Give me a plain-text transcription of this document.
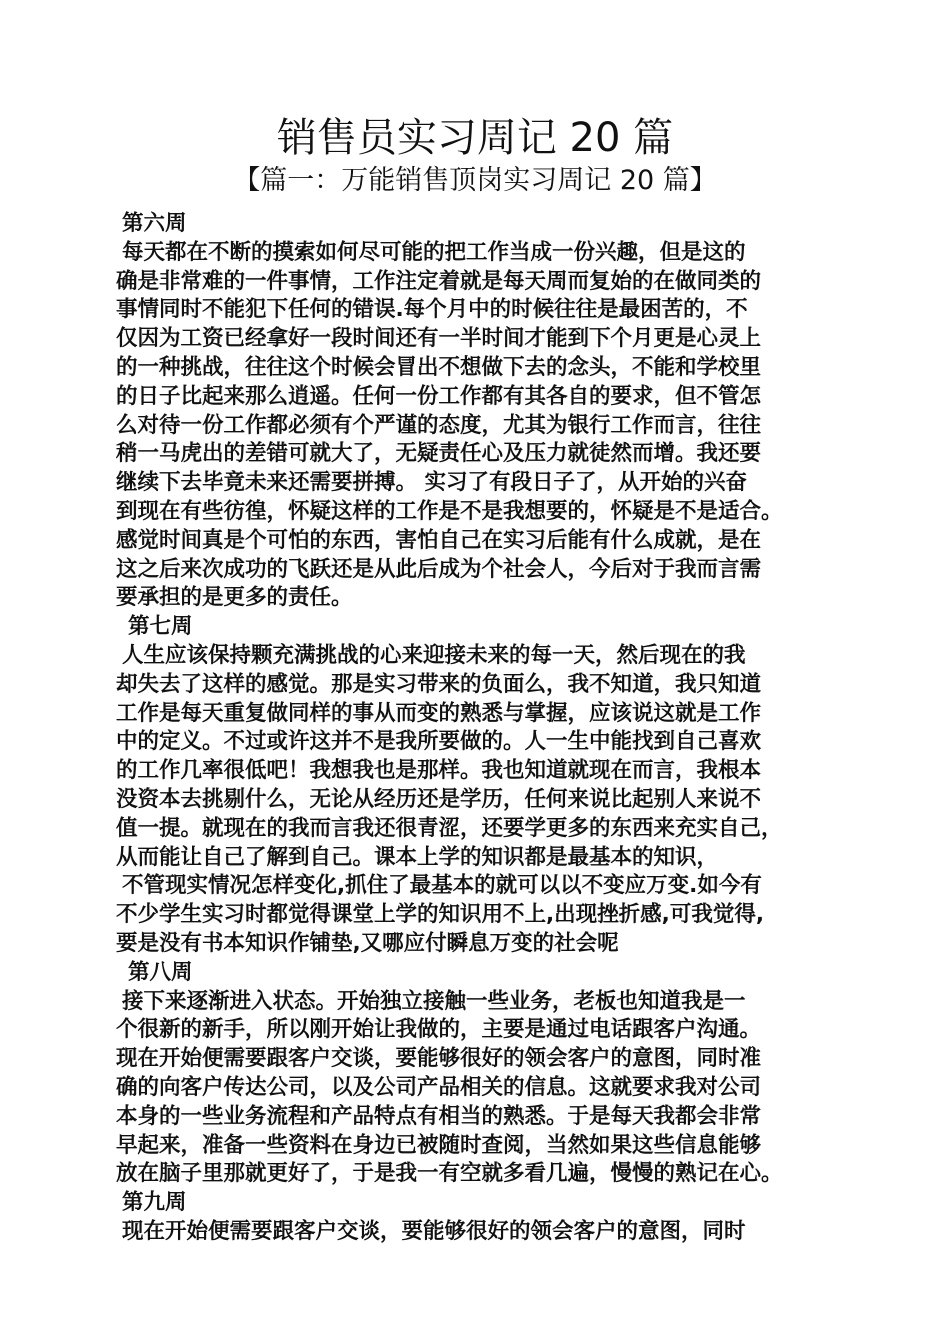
销售员实习周记 20 篇
【篇一：万能销售顶岗实习周记 20 篇】
第六周
每天都在不断的摸索如何尽可能的把工作当成一份兴趣，但是这的
确是非常难的一件事情，工作注定着就是每天周而复始的在做同类的
事情同时不能犯下任何的错误.每个月中的时候往往是最困苦的，不
仅因为工资已经拿好一段时间还有一半时间才能到下个月更是心灵上
的一种挑战，往往这个时候会冒出不想做下去的念头，不能和学校里
的日子比起来那么逍遥。任何一份工作都有其各自的要求，但不管怎
么对待一份工作都必须有个严谨的态度，尤其为银行工作而言，往往
稍一马虎出的差错可就大了，无疑责任心及压力就徒然而增。我还要
继续下去毕竟未来还需要拼搏。 实习了有段日子了，从开始的兴奋
到现在有些彷徨，怀疑这样的工作是不是我想要的，怀疑是不是适合。
感觉时间真是个可怕的东西，害怕自己在实习后能有什么成就，是在
这之后来次成功的飞跃还是从此后成为个社会人，今后对于我而言需
要承担的是更多的责任。
第七周
人生应该保持颗充满挑战的心来迎接未来的每一天，然后现在的我
却失去了这样的感觉。那是实习带来的负面么，我不知道，我只知道
工作是每天重复做同样的事从而变的熟悉与掌握，应该说这就是工作
中的定义。不过或许这并不是我所要做的。人一生中能找到自己喜欢
的工作几率很低吧！我想我也是那样。我也知道就现在而言，我根本
没资本去挑剔什么，无论从经历还是学历，任何来说比起别人来说不
值一提。就现在的我而言我还很青涩，还要学更多的东西来充实自己，
从而能让自己了解到自己。课本上学的知识都是最基本的知识，
不管现实情况怎样变化,抓住了最基本的就可以以不变应万变.如今有
不少学生实习时都觉得课堂上学的知识用不上,出现挫折感,可我觉得,
要是没有书本知识作铺垫,又哪应付瞬息万变的社会呢
第八周
接下来逐渐进入状态。开始独立接触一些业务，老板也知道我是一
个很新的新手，所以刚开始让我做的，主要是通过电话跟客户沟通。
现在开始便需要跟客户交谈，要能够很好的领会客户的意图，同时准
确的向客户传达公司，以及公司产品相关的信息。这就要求我对公司
本身的一些业务流程和产品特点有相当的熟悉。于是每天我都会非常
早起来，准备一些资料在身边已被随时查阅，当然如果这些信息能够
放在脑子里那就更好了，于是我一有空就多看几遍，慢慢的熟记在心。
第九周
现在开始便需要跟客户交谈，要能够很好的领会客户的意图，同时
